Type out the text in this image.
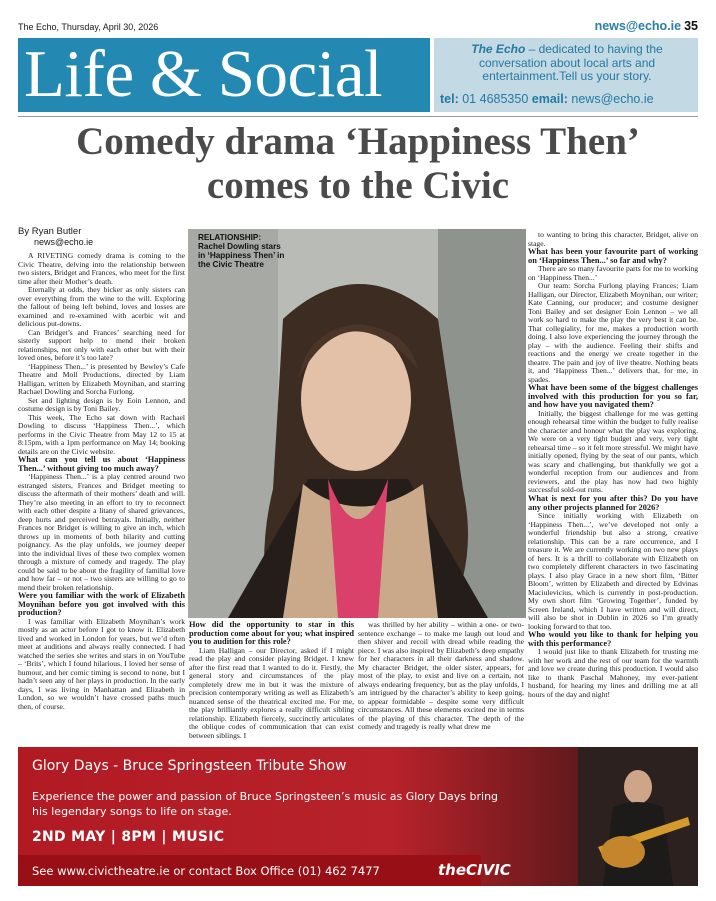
The Echo, Thursday, April 30, 2026	news@echo.ie 35
Life & Social	The Echo – dedicated to having the conversation about local arts and entertainment.Tell us your story.
tel: 01 4685350 email: news@echo.ie
Comedy drama ‘Happiness Then’ comes to the Civic
By Ryan Butler
news@echo.ie

A RIVETING comedy drama is coming to the Civic Theatre, delving into the relationship between two sisters, Bridget and Frances, who meet for the first time after their Mother’s death.

Eternally at odds, they bicker as only sisters can over everything from the wine to the will. Exploring the fallout of being left behind, loves and losses are examined and re-examined with acerbic wit and delicious put-downs.

Can Bridget’s and Frances’ searching need for sisterly support help to mend their broken relationships, not only with each other but with their loved ones, before it’s too late?

‘Happiness Then...’ is presented by Bewley’s Cafe Theatre and Moll Productions, directed by Liam Halligan, written by Elizabeth Moynihan, and starring Rachael Dowling and Sorcha Furlong.

Set and lighting design is by Eoin Lennon, and costume design is by Toni Bailey.

This week, The Echo sat down with Rachael Dowling to discuss ‘Happiness Then...’, which performs in the Civic Theatre from May 12 to 15 at 8:15pm, with a 1pm performance on May 14; booking details are on the Civic website.

What can you tell us about ‘Happiness Then...’ without giving too much away?

‘Happiness Then...’ is a play centred around two estranged sisters, Frances and Bridget meeting to discuss the aftermath of their mothers’ death and will. They’re also meeting in an effort to try to reconnect with each other despite a litany of shared grievances, deep hurts and perceived betrayals. Initially, neither Frances nor Bridget is willing to give an inch, which throws up in moments of both hilarity and cutting poignancy. As the play unfolds, we journey deeper into the individual lives of these two complex women through a mixture of comedy and tragedy. The play could be said to be about the fragility of familial love and how far – or not – two sisters are willing to go to mend their broken relationship.

Were you familiar with the work of Elizabeth Moynihan before you got involved with this production?

I was familiar with Elizabeth Moynihan’s work mostly as an actor before I got to know it. Elizabeth lived and worked in London for years, but we’d often meet at auditions and always really connected. I had watched the series she writes and stars in on YouTube – ‘Brits’, which I found hilarious. I loved her sense of humour, and her comic timing is second to none, but I hadn’t seen any of her plays in production. In the early days, I was living in Manhattan and Elizabeth in London, so we wouldn’t have crossed paths much then, of course.

RELATIONSHIP: Rachel Dowling stars in ‘Happiness Then’ in the Civic Theatre
How did the opportunity to star in this production come about for you; what inspired you to audition for this role?

Liam Halligan – our Director, asked if I might read the play and consider playing Bridget. I knew after the first read that I wanted to do it. Firstly, the general story and circumstances of the play completely drew me in but it was the mixture of precision contemporary writing as well as Elizabeth’s nuanced sense of the theatrical excited me. For me, the play brilliantly explores a really difficult sibling relationship. Elizabeth fiercely, succinctly articulates the oblique codes of communication that can exist between siblings. I

was thrilled by her ability – within a one- or two-sentence exchange – to make me laugh out loud and then shiver and recoil with dread while reading the piece. I was also inspired by Elizabeth’s deep empathy for her characters in all their darkness and shadow. My character Bridget, the older sister, appears, for most of the play, to exist and live on a certain, not always endearing frequency, but as the play unfolds, I am intrigued by the character’s ability to keep going, to appear formidable – despite some very difficult circumstances. All these elements excited me in terms of the playing of this character. The depth of the comedy and tragedy is really what drew me

to wanting to bring this character, Bridget, alive on stage.

What has been your favourite part of working on ‘Happiness Then...’ so far and why?

There are so many favourite parts for me to working on ‘Happiness Then...’

Our team: Sorcha Furlong playing Frances; Liam Halligan, our Director, Elizabeth Moynihan, our writer; Kate Canning, our producer; and costume designer Toni Bailey and set designer Eoin Lennon – we all work so hard to make the play the very best it can be. That collegiality, for me, makes a production worth doing. I also love experiencing the journey through the play – with the audience. Feeling their shifts and reactions and the energy we create together in the theatre. The pain and joy of live theatre. Nothing beats it, and ‘Happiness Then...’ delivers that, for me, in spades.

What have been some of the biggest challenges involved with this production for you so far, and how have you navigated them?

Initially, the biggest challenge for me was getting enough rehearsal time within the budget to fully realise the character and honour what the play was exploring. We were on a very tight budget and very, very tight rehearsal time – so it felt more stressful. We might have initially opened, flying by the seat of our pants, which was scary and challenging, but thankfully we got a wonderful reception from our audiences and from reviewers, and the play has now had two highly successful sold-out runs.

What is next for you after this? Do you have any other projects planned for 2026?

Since initially working with Elizabeth on ‘Happiness Then...’, we’ve developed not only a wonderful friendship but also a strong, creative relationship. This can be a rare occurrence, and I treasure it. We are currently working on two new plays of hers. It is a thrill to collaborate with Elizabeth on two completely different characters in two fascinating plays. I also play Grace in a new short film, ‘Bitter Bloom’, written by Elizabeth and directed by Edvinas Maciulevicius, which is currently in post-production. My own short film ‘Growing Together’, funded by Screen Ireland, which I have written and will direct, will also be shot in Dublin in 2026 so I’m greatly looking forward to that too.

Who would you like to thank for helping you with this performance?

I would just like to thank Elizabeth for trusting me with her work and the rest of our team for the warmth and love we create during this production. I would also like to thank Paschal Mahoney, my ever-patient husband, for hearing my lines and drilling me at all hours of the day and night!

Glory Days - Bruce Springsteen Tribute Show
Experience the power and passion of Bruce Springsteen’s music as Glory Days bring his legendary songs to life on stage.
2ND MAY | 8PM | MUSIC
See www.civictheatre.ie or contact Box Office (01) 462 7477	theCIVIC
